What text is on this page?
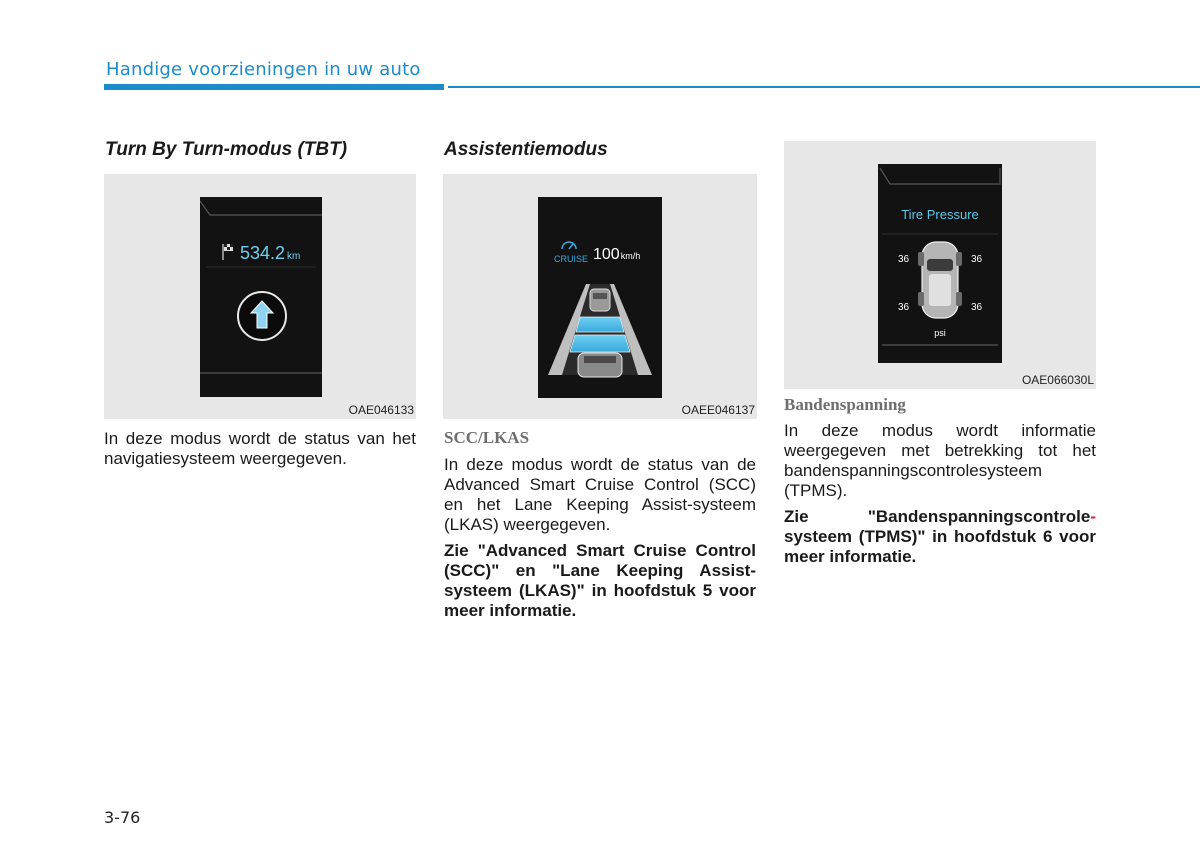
Handige voorzieningen in uw auto
Turn By Turn-modus (TBT)
534.2 km
OAE046133
In deze modus wordt de status van het navigatiesysteem weergegeven.
Assistentiemodus
CRUISE 100km/h
OAEE046137
SCC/LKAS
In deze modus wordt de status van de Advanced Smart Cruise Control (SCC) en het Lane Keeping Assist-systeem (LKAS) weergegeven.
Zie "Advanced Smart Cruise Control (SCC)" en "Lane Keeping Assist-systeem (LKAS)" in hoofdstuk 5 voor meer informatie.
Tire Pressure
36	36
36	36
psi
OAE066030L
Bandenspanning
In deze modus wordt informatie weergegeven met betrekking tot het bandenspanningscontrolesysteem (TPMS).
Zie "Bandenspanningscontrole- systeem (TPMS)" in hoofdstuk 6 voor meer informatie.
3-76
